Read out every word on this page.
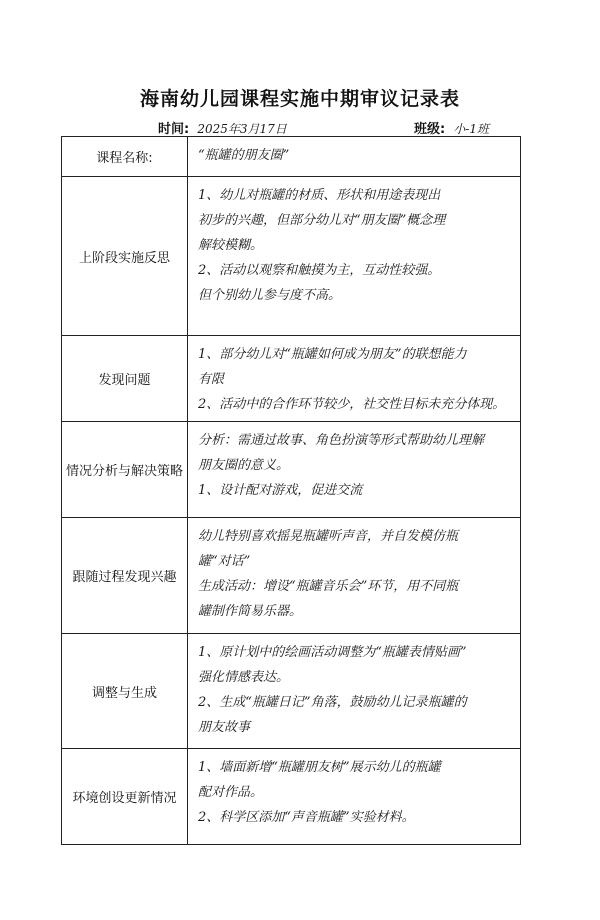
海南幼儿园课程实施中期审议记录表
时间: 2025年3月17日	班级: 小-1班
课程名称:	“瓶罐的朋友圈”

上阶段实施反思	1、幼儿对瓶罐的材质、形状和用途表现出
初步的兴趣，但部分幼儿对“朋友圈”概念理
解较模糊。
2、活动以观察和触摸为主，互动性较强。
但个别幼儿参与度不高。

发现问题	1、部分幼儿对“瓶罐如何成为朋友”的联想能力
有限
2、活动中的合作环节较少，社交性目标未充分体现。

情况分析与解决策略	分析：需通过故事、角色扮演等形式帮助幼儿理解
朋友圈的意义。
1、设计配对游戏，促进交流

跟随过程发现兴趣	幼儿特别喜欢摇晃瓶罐听声音，并自发模仿瓶
罐“对话”
生成活动：增设“瓶罐音乐会”环节，用不同瓶
罐制作简易乐器。

调整与生成	1、原计划中的绘画活动调整为“瓶罐表情贴画”
强化情感表达。
2、生成“瓶罐日记”角落，鼓励幼儿记录瓶罐的
朋友故事

环境创设更新情况	1、墙面新增“瓶罐朋友树”展示幼儿的瓶罐
配对作品。
2、科学区添加“声音瓶罐”实验材料。
